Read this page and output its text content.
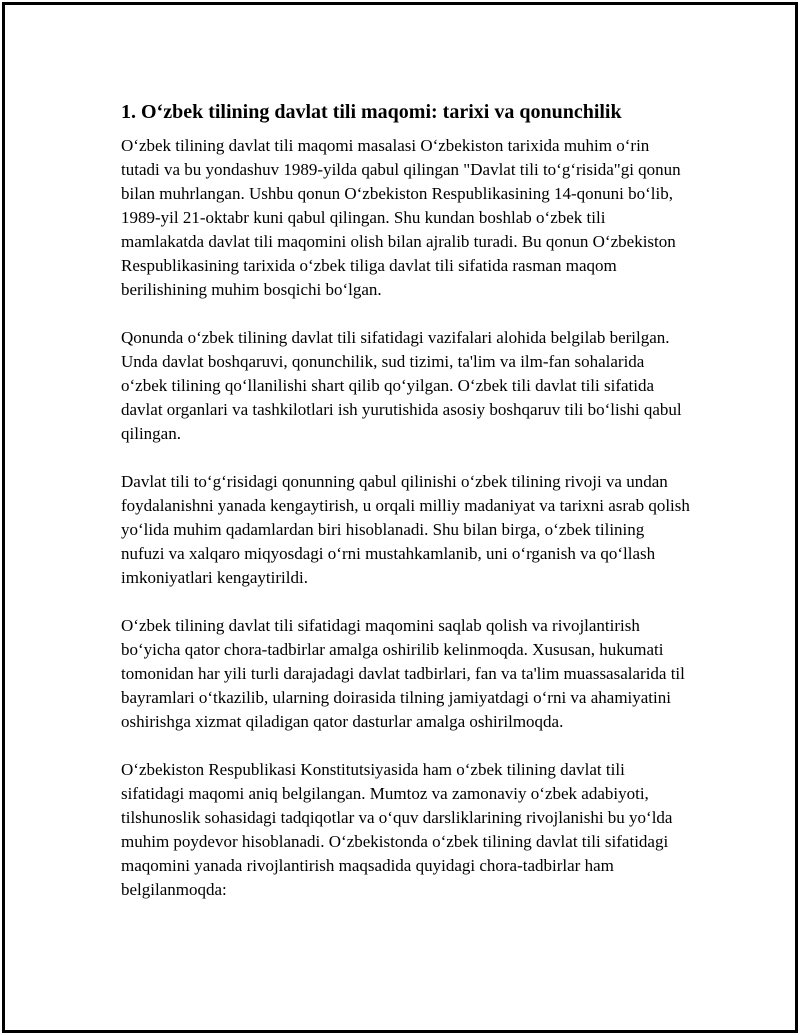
1. O‘zbek tilining davlat tili maqomi: tarixi va qonunchilik

O‘zbek tilining davlat tili maqomi masalasi O‘zbekiston tarixida muhim o‘rin tutadi va bu yondashuv 1989-yilda qabul qilingan "Davlat tili to‘g‘risida"gi qonun bilan muhrlangan. Ushbu qonun O‘zbekiston Respublikasining 14-qonuni bo‘lib, 1989-yil 21-oktabr kuni qabul qilingan. Shu kundan boshlab o‘zbek tili mamlakatda davlat tili maqomini olish bilan ajralib turadi. Bu qonun O‘zbekiston Respublikasining tarixida o‘zbek tiliga davlat tili sifatida rasman maqom berilishining muhim bosqichi bo‘lgan.

Qonunda o‘zbek tilining davlat tili sifatidagi vazifalari alohida belgilab berilgan. Unda davlat boshqaruvi, qonunchilik, sud tizimi, ta'lim va ilm-fan sohalarida o‘zbek tilining qo‘llanilishi shart qilib qo‘yilgan. O‘zbek tili davlat tili sifatida davlat organlari va tashkilotlari ish yurutishida asosiy boshqaruv tili bo‘lishi qabul qilingan.

Davlat tili to‘g‘risidagi qonunning qabul qilinishi o‘zbek tilining rivoji va undan foydalanishni yanada kengaytirish, u orqali milliy madaniyat va tarixni asrab qolish yo‘lida muhim qadamlardan biri hisoblanadi. Shu bilan birga, o‘zbek tilining nufuzi va xalqaro miqyosdagi o‘rni mustahkamlanib, uni o‘rganish va qo‘llash imkoniyatlari kengaytirildi.

O‘zbek tilining davlat tili sifatidagi maqomini saqlab qolish va rivojlantirish bo‘yicha qator chora-tadbirlar amalga oshirilib kelinmoqda. Xususan, hukumati tomonidan har yili turli darajadagi davlat tadbirlari, fan va ta'lim muassasalarida til bayramlari o‘tkazilib, ularning doirasida tilning jamiyatdagi o‘rni va ahamiyatini oshirishga xizmat qiladigan qator dasturlar amalga oshirilmoqda.

O‘zbekiston Respublikasi Konstitutsiyasida ham o‘zbek tilining davlat tili sifatidagi maqomi aniq belgilangan. Mumtoz va zamonaviy o‘zbek adabiyoti, tilshunoslik sohasidagi tadqiqotlar va o‘quv darsliklarining rivojlanishi bu yo‘lda muhim poydevor hisoblanadi. O‘zbekistonda o‘zbek tilining davlat tili sifatidagi maqomini yanada rivojlantirish maqsadida quyidagi chora-tadbirlar ham belgilanmoqda:
